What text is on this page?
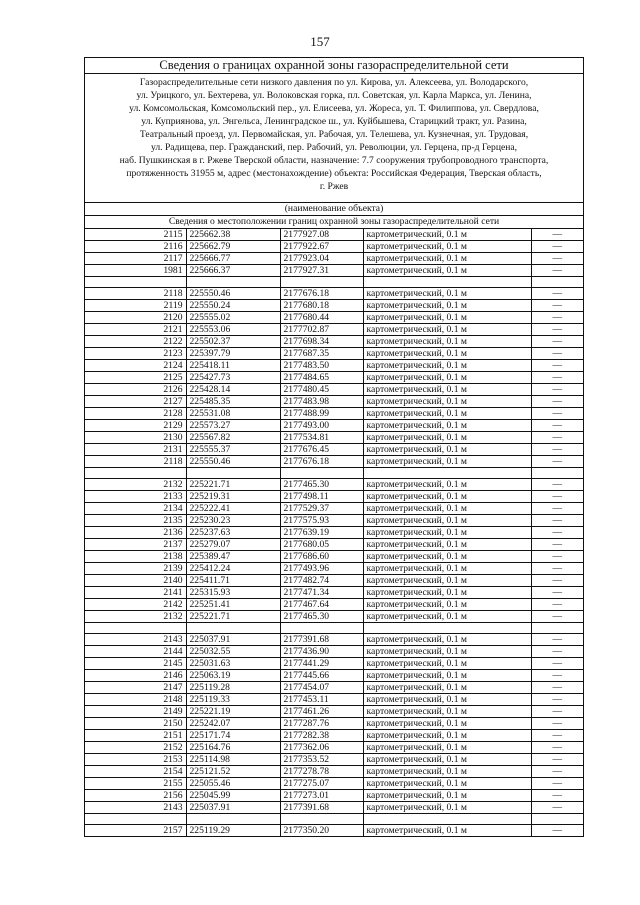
157
Сведения о границах охранной зоны газораспределительной сети

Газораспределительные сети низкого давления по ул. Кирова, ул. Алексеева, ул. Володарского,

ул. Урицкого, ул. Бехтерева, ул. Волоковская горка, пл. Советская, ул. Карла Маркса, ул. Ленина,

ул. Комсомольская, Комсомольский пер., ул. Елисеева, ул. Жореса, ул. Т. Филиппова, ул. Свердлова,

ул. Куприянова, ул. Энгельса, Ленинградское ш., ул. Куйбышева, Старицкий тракт, ул. Разина,

Театральный проезд, ул. Первомайская, ул. Рабочая, ул. Телешева, ул. Кузнечная, ул. Трудовая,

ул. Радищева, пер. Гражданский, пер. Рабочий, ул. Революции, ул. Герцена, пр-д Герцена,

наб. Пушкинская в г. Ржеве Тверской области, назначение: 7.7 сооружения трубопроводного транспорта,

протяженность 31955 м, адрес (местонахождение) объекта: Российская Федерация, Тверская область,

г. Ржев

(наименование объекта)
Сведения о местоположении границ охранной зоны газораспределительной сети
2115	225662.38	2177927.08	картометрический, 0.1 м	—
2116	225662.79	2177922.67	картометрический, 0.1 м	—
2117	225666.77	2177923.04	картометрический, 0.1 м	—
1981	225666.37	2177927.31	картометрический, 0.1 м	—

2118	225550.46	2177676.18	картометрический, 0.1 м	—
2119	225550.24	2177680.18	картометрический, 0.1 м	—
2120	225555.02	2177680.44	картометрический, 0.1 м	—
2121	225553.06	2177702.87	картометрический, 0.1 м	—
2122	225502.37	2177698.34	картометрический, 0.1 м	—
2123	225397.79	2177687.35	картометрический, 0.1 м	—
2124	225418.11	2177483.50	картометрический, 0.1 м	—
2125	225427.73	2177484.65	картометрический, 0.1 м	—
2126	225428.14	2177480.45	картометрический, 0.1 м	—
2127	225485.35	2177483.98	картометрический, 0.1 м	—
2128	225531.08	2177488.99	картометрический, 0.1 м	—
2129	225573.27	2177493.00	картометрический, 0.1 м	—
2130	225567.82	2177534.81	картометрический, 0.1 м	—
2131	225555.37	2177676.45	картометрический, 0.1 м	—
2118	225550.46	2177676.18	картометрический, 0.1 м	—

2132	225221.71	2177465.30	картометрический, 0.1 м	—
2133	225219.31	2177498.11	картометрический, 0.1 м	—
2134	225222.41	2177529.37	картометрический, 0.1 м	—
2135	225230.23	2177575.93	картометрический, 0.1 м	—
2136	225237.63	2177639.19	картометрический, 0.1 м	—
2137	225279.07	2177680.05	картометрический, 0.1 м	—
2138	225389.47	2177686.60	картометрический, 0.1 м	—
2139	225412.24	2177493.96	картометрический, 0.1 м	—
2140	225411.71	2177482.74	картометрический, 0.1 м	—
2141	225315.93	2177471.34	картометрический, 0.1 м	—
2142	225251.41	2177467.64	картометрический, 0.1 м	—
2132	225221.71	2177465.30	картометрический, 0.1 м	—

2143	225037.91	2177391.68	картометрический, 0.1 м	—
2144	225032.55	2177436.90	картометрический, 0.1 м	—
2145	225031.63	2177441.29	картометрический, 0.1 м	—
2146	225063.19	2177445.66	картометрический, 0.1 м	—
2147	225119.28	2177454.07	картометрический, 0.1 м	—
2148	225119.33	2177453.11	картометрический, 0.1 м	—
2149	225221.19	2177461.26	картометрический, 0.1 м	—
2150	225242.07	2177287.76	картометрический, 0.1 м	—
2151	225171.74	2177282.38	картометрический, 0.1 м	—
2152	225164.76	2177362.06	картометрический, 0.1 м	—
2153	225114.98	2177353.52	картометрический, 0.1 м	—
2154	225121.52	2177278.78	картометрический, 0.1 м	—
2155	225055.46	2177275.07	картометрический, 0.1 м	—
2156	225045.99	2177273.01	картометрический, 0.1 м	—
2143	225037.91	2177391.68	картометрический, 0.1 м	—

2157	225119.29	2177350.20	картометрический, 0.1 м	—
